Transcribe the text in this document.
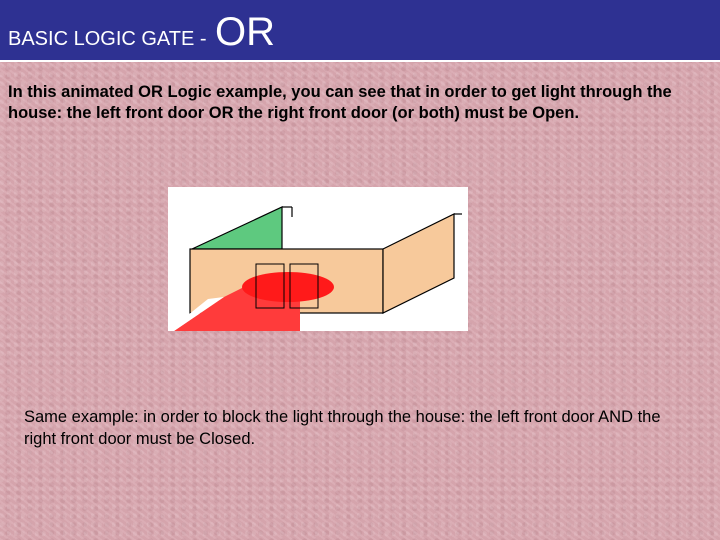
BASIC LOGIC GATE - OR

In this animated OR Logic example, you can see that in order to get light through the house: the left front door OR the right front door (or both) must be Open.

Same example: in order to block the light through the house: the left front door AND the right front door must be Closed.
